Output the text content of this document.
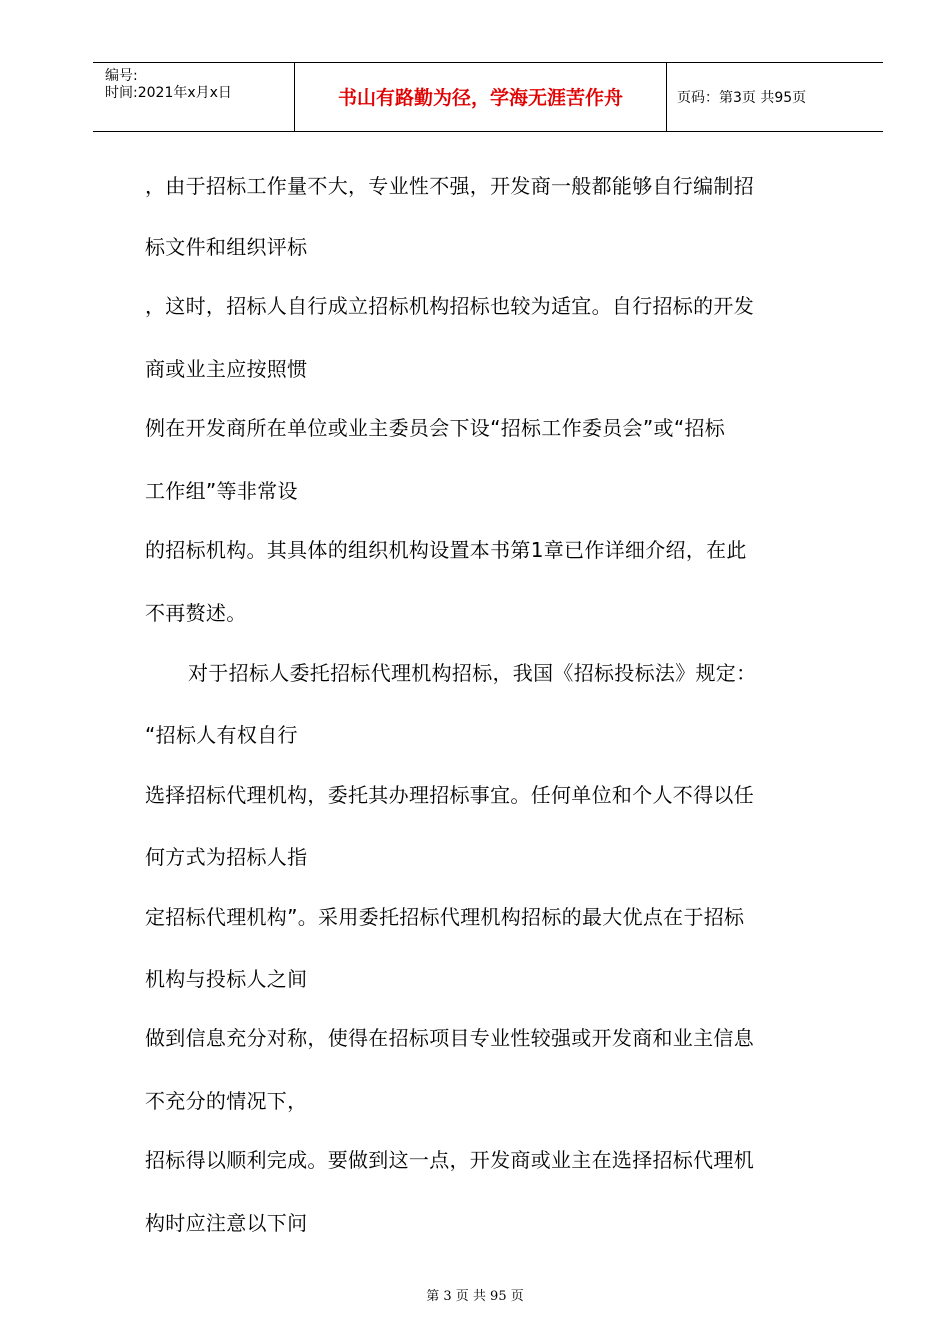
编号:
时间:2021年x月x日	书山有路勤为径，学海无涯苦作舟	页码：第3页 共95页
，由于招标工作量不大，专业性不强，开发商一般都能够自行编制招
标文件和组织评标
，这时，招标人自行成立招标机构招标也较为适宜。自行招标的开发
商或业主应按照惯
例在开发商所在单位或业主委员会下设“招标工作委员会”或“招标
工作组”等非常设
的招标机构。其具体的组织机构设置本书第1章已作详细介绍，在此
不再赘述。
对于招标人委托招标代理机构招标，我国《招标投标法》规定：
“招标人有权自行
选择招标代理机构，委托其办理招标事宜。任何单位和个人不得以任
何方式为招标人指
定招标代理机构”。采用委托招标代理机构招标的最大优点在于招标
机构与投标人之间
做到信息充分对称，使得在招标项目专业性较强或开发商和业主信息
不充分的情况下，
招标得以顺利完成。要做到这一点，开发商或业主在选择招标代理机
构时应注意以下问
第 3 页 共 95 页
